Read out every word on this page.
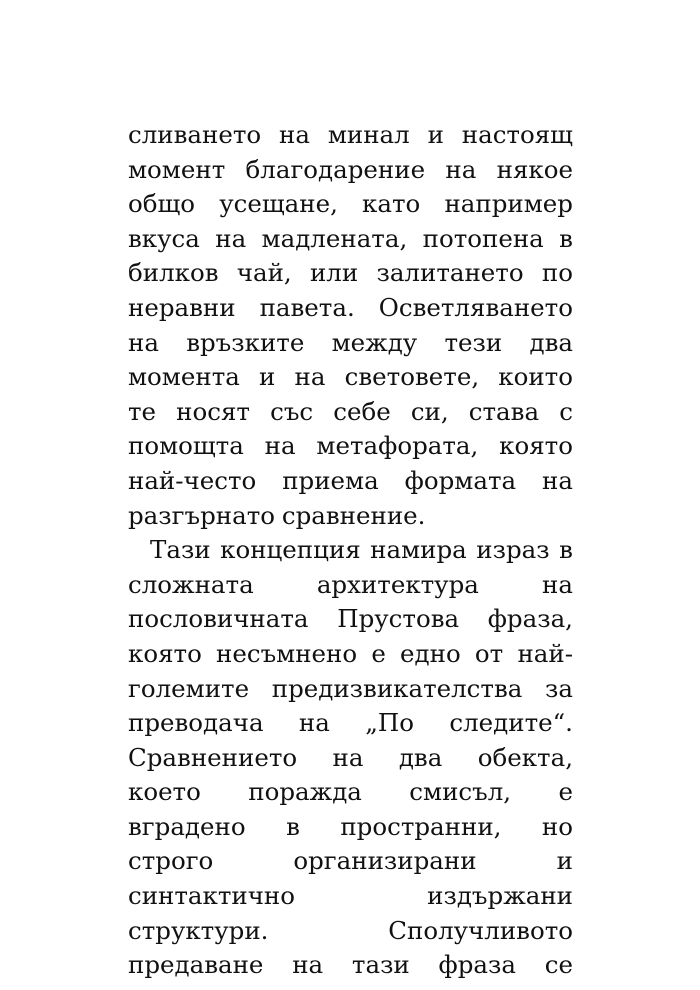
сливането на минал и настоящ
момент благодарение на някое
общо усещане, като например
вкуса на мадлената, потопена в
билков чай, или залитането по
неравни павета. Осветляването
на връзките между тези два
момента и на световете, които
те носят със себе си, става с
помощта на метафората, която
най-често приема формата на
разгърнато сравнение.
Тази концепция намира израз в
сложната	архитектура	на
пословичната Прустова фраза,
която несъмнено е едно от най-
големите предизвикателства за
преводача на „По следите“.
Сравнението на два обекта,
което поражда смисъл, е
вградено в пространни, но
строго	организирани	и
синтактично	издържани
структури.	Сполучливото
предаване на тази фраза се
